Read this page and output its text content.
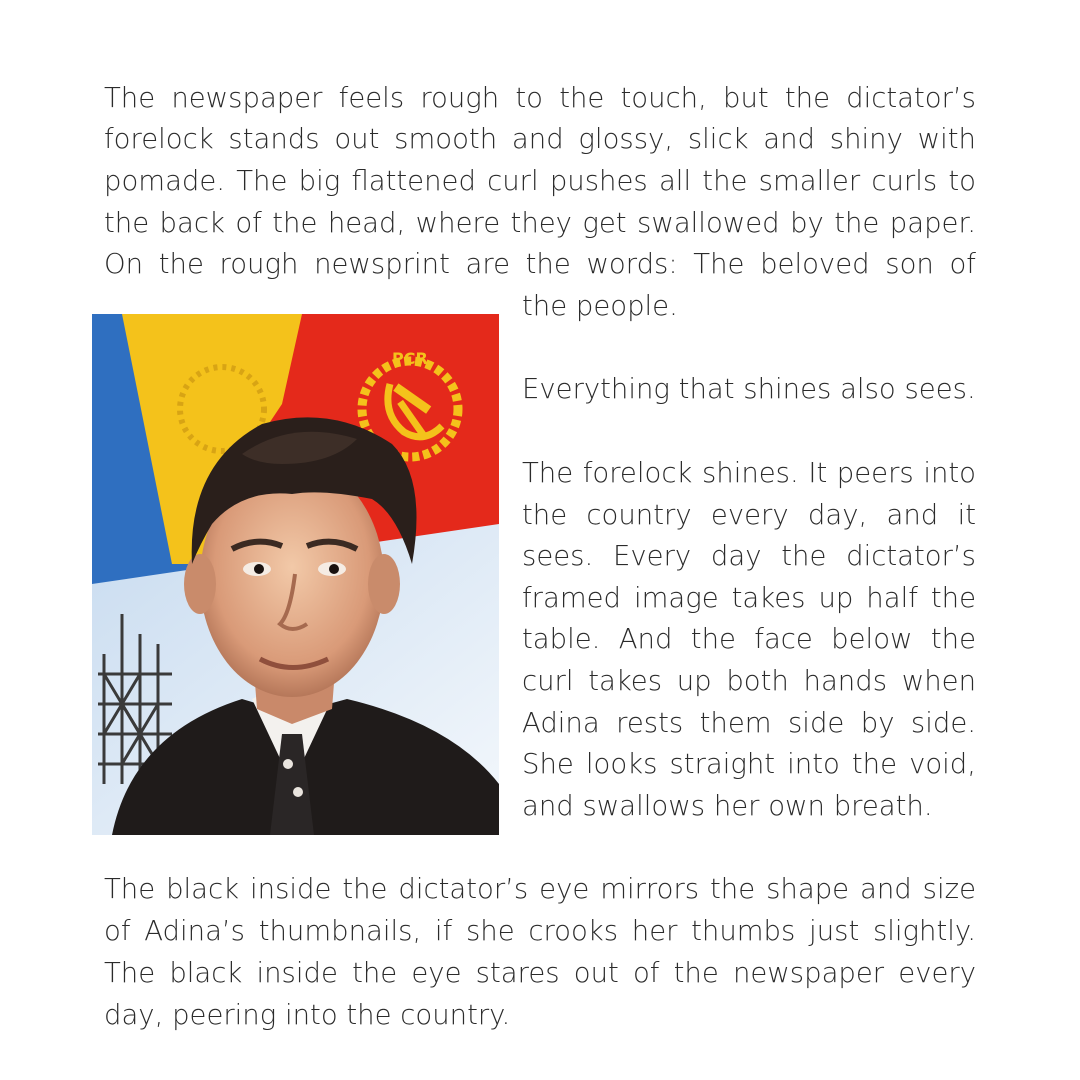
The newspaper feels rough to the touch, but the dictator’s
forelock stands out smooth and glossy, slick and shiny with
pomade. The big flattened curl pushes all the smaller curls to
the back of the head, where they get swallowed by the paper.
On the rough newsprint are the words: The beloved son of
the people.
PCR
Everything that shines also sees.
The forelock shines. It peers into
the country every day, and it
sees. Every day the dictator’s
framed image takes up half the
table. And the face below the
curl takes up both hands when
Adina rests them side by side.
She looks straight into the void,
and swallows her own breath.
The black inside the dictator’s eye mirrors the shape and size
of Adina’s thumbnails, if she crooks her thumbs just slightly.
The black inside the eye stares out of the newspaper every
day, peering into the country.
